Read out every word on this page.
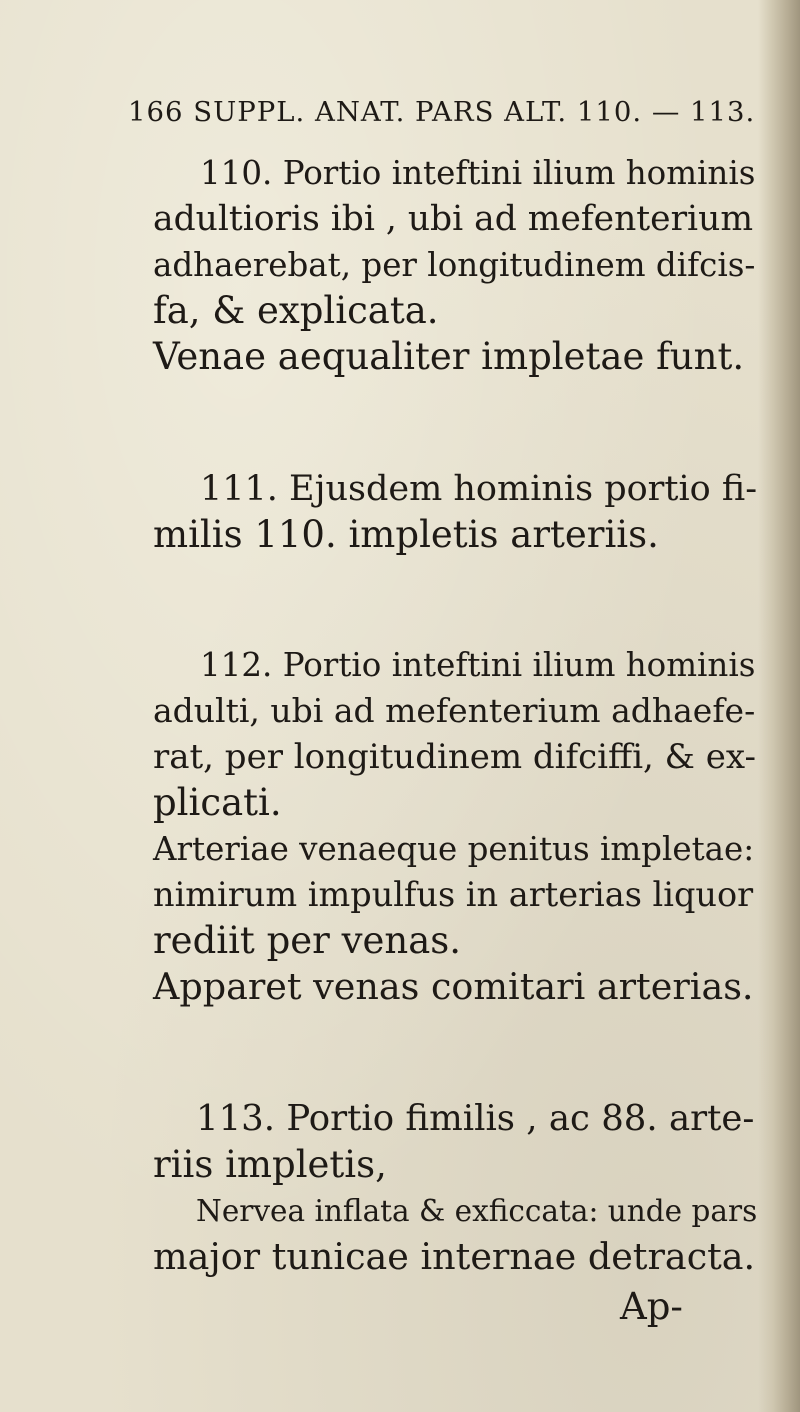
166 SUPPL. ANAT. PARS ALT. 110. — 113.
110. Portio inteftini ilium hominis
adultioris ibi , ubi ad mefenterium
adhaerebat, per longitudinem difcis-
fa, & explicata.
Venae aequaliter impletae funt.
111. Ejusdem hominis portio fi-
milis 110. impletis arteriis.
112. Portio inteftini ilium hominis
adulti, ubi ad mefenterium adhaefe-
rat, per longitudinem difciffi, & ex-
plicati.
Arteriae venaeque penitus impletae:
nimirum impulfus in arterias liquor
rediit per venas.
Apparet venas comitari arterias.
113. Portio fimilis , ac 88. arte-
riis impletis,
Nervea inflata & exficcata: unde pars
major tunicae internae detracta.
Ap-
